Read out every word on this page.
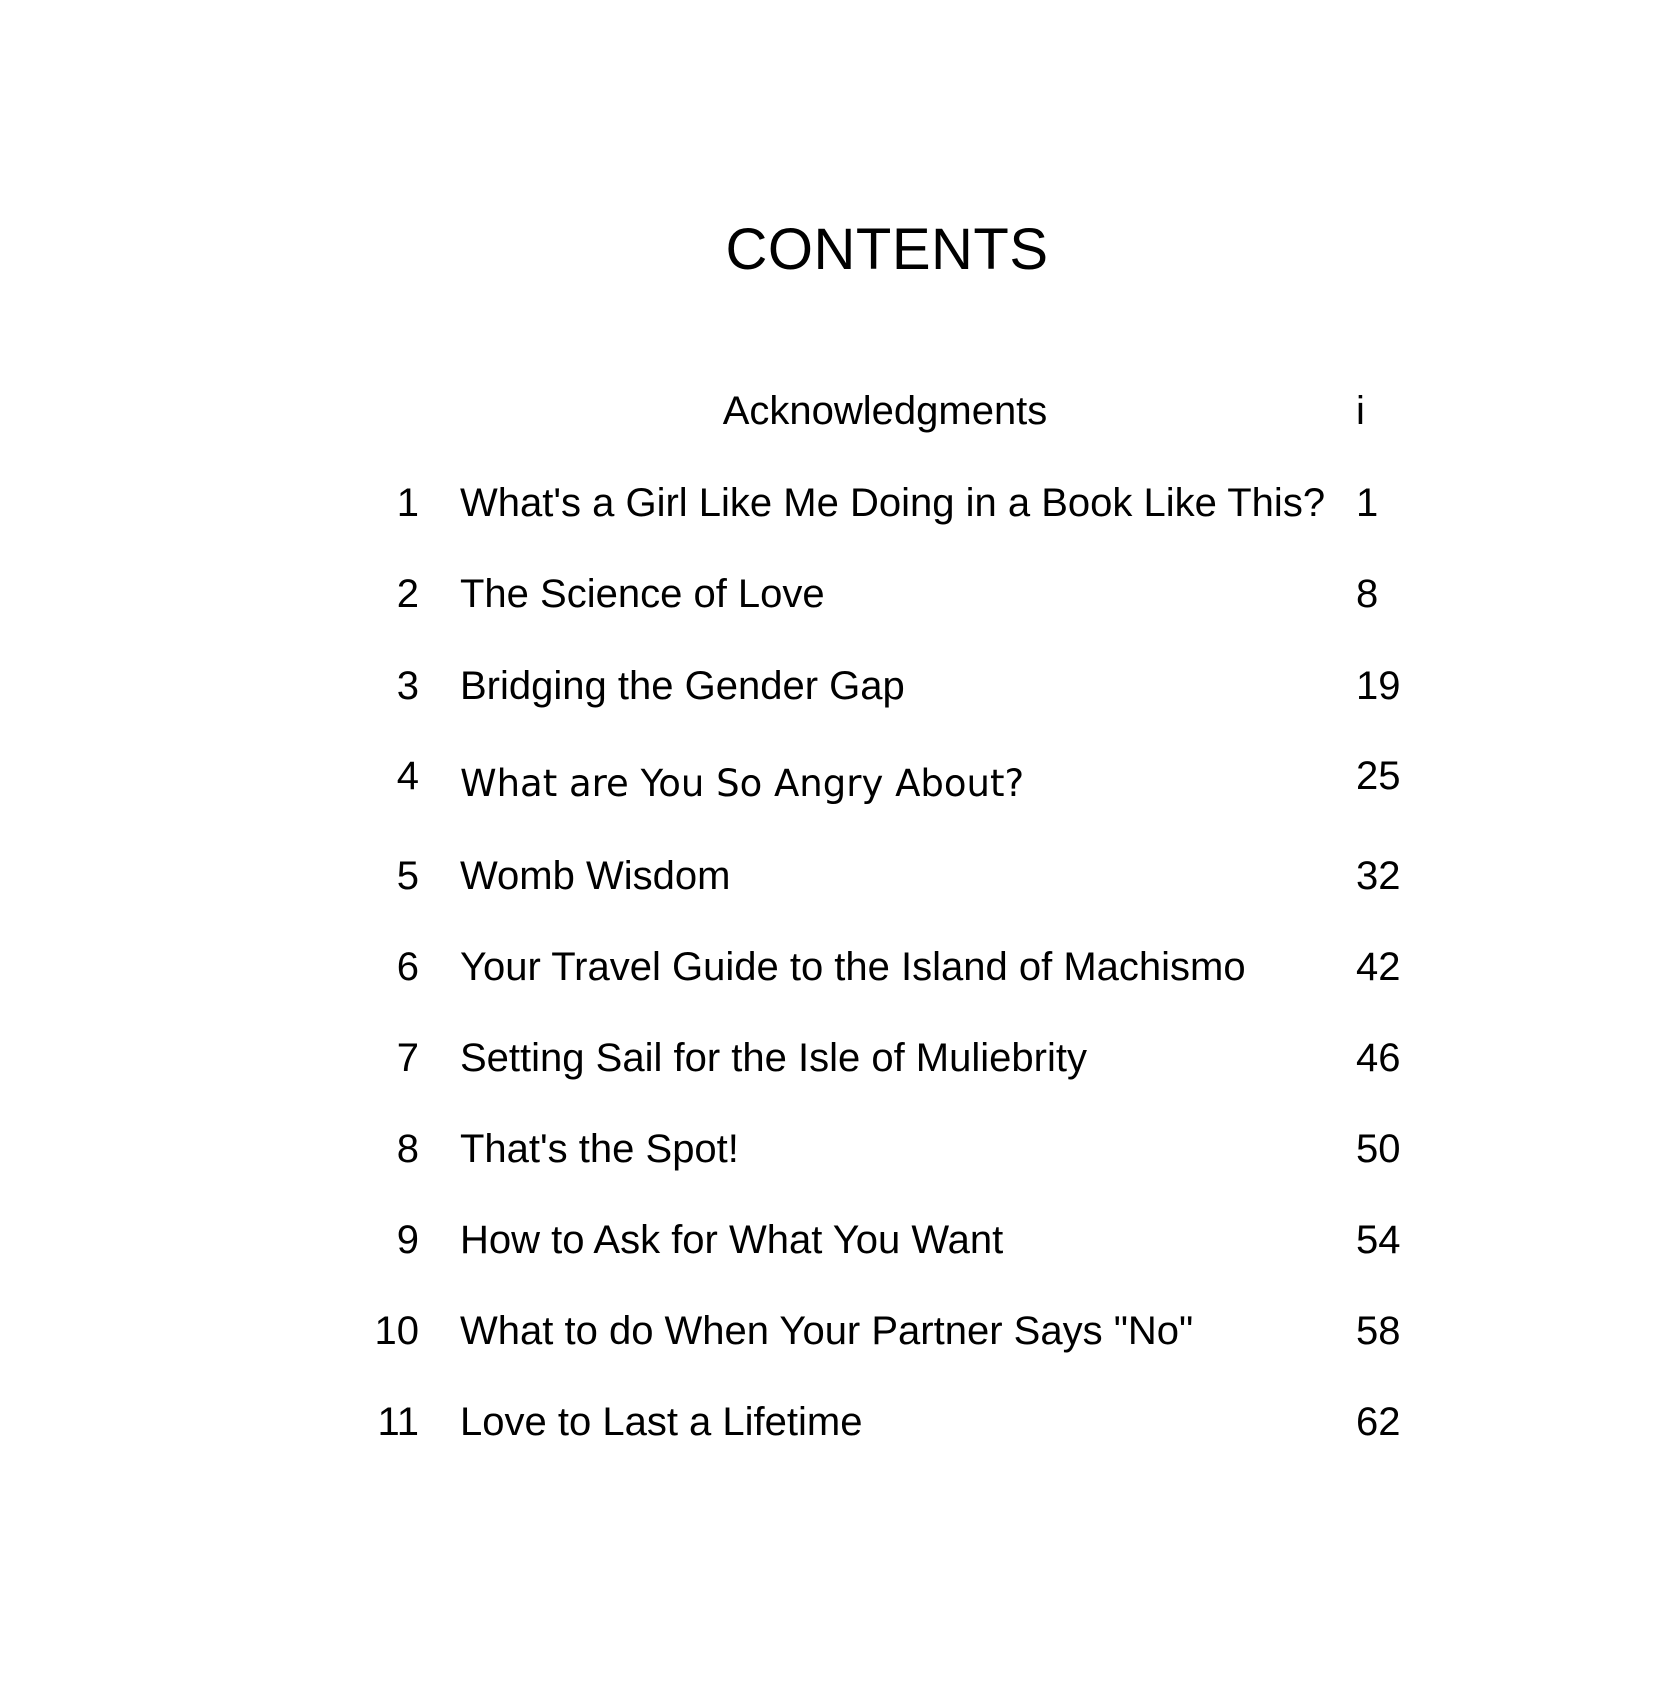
CONTENTS
Acknowledgments	i
1 What's a Girl Like Me Doing in a Book Like This? 1
2 The Science of Love	8
3 Bridging the Gender Gap	19
4 What are You So Angry About?	25
5 Womb Wisdom	32
6 Your Travel Guide to the Island of Machismo	42
7 Setting Sail for the Isle of Muliebrity	46
8 That's the Spot!	50
9 How to Ask for What You Want	54
10 What to do When Your Partner Says "No"	58
11 Love to Last a Lifetime	62
